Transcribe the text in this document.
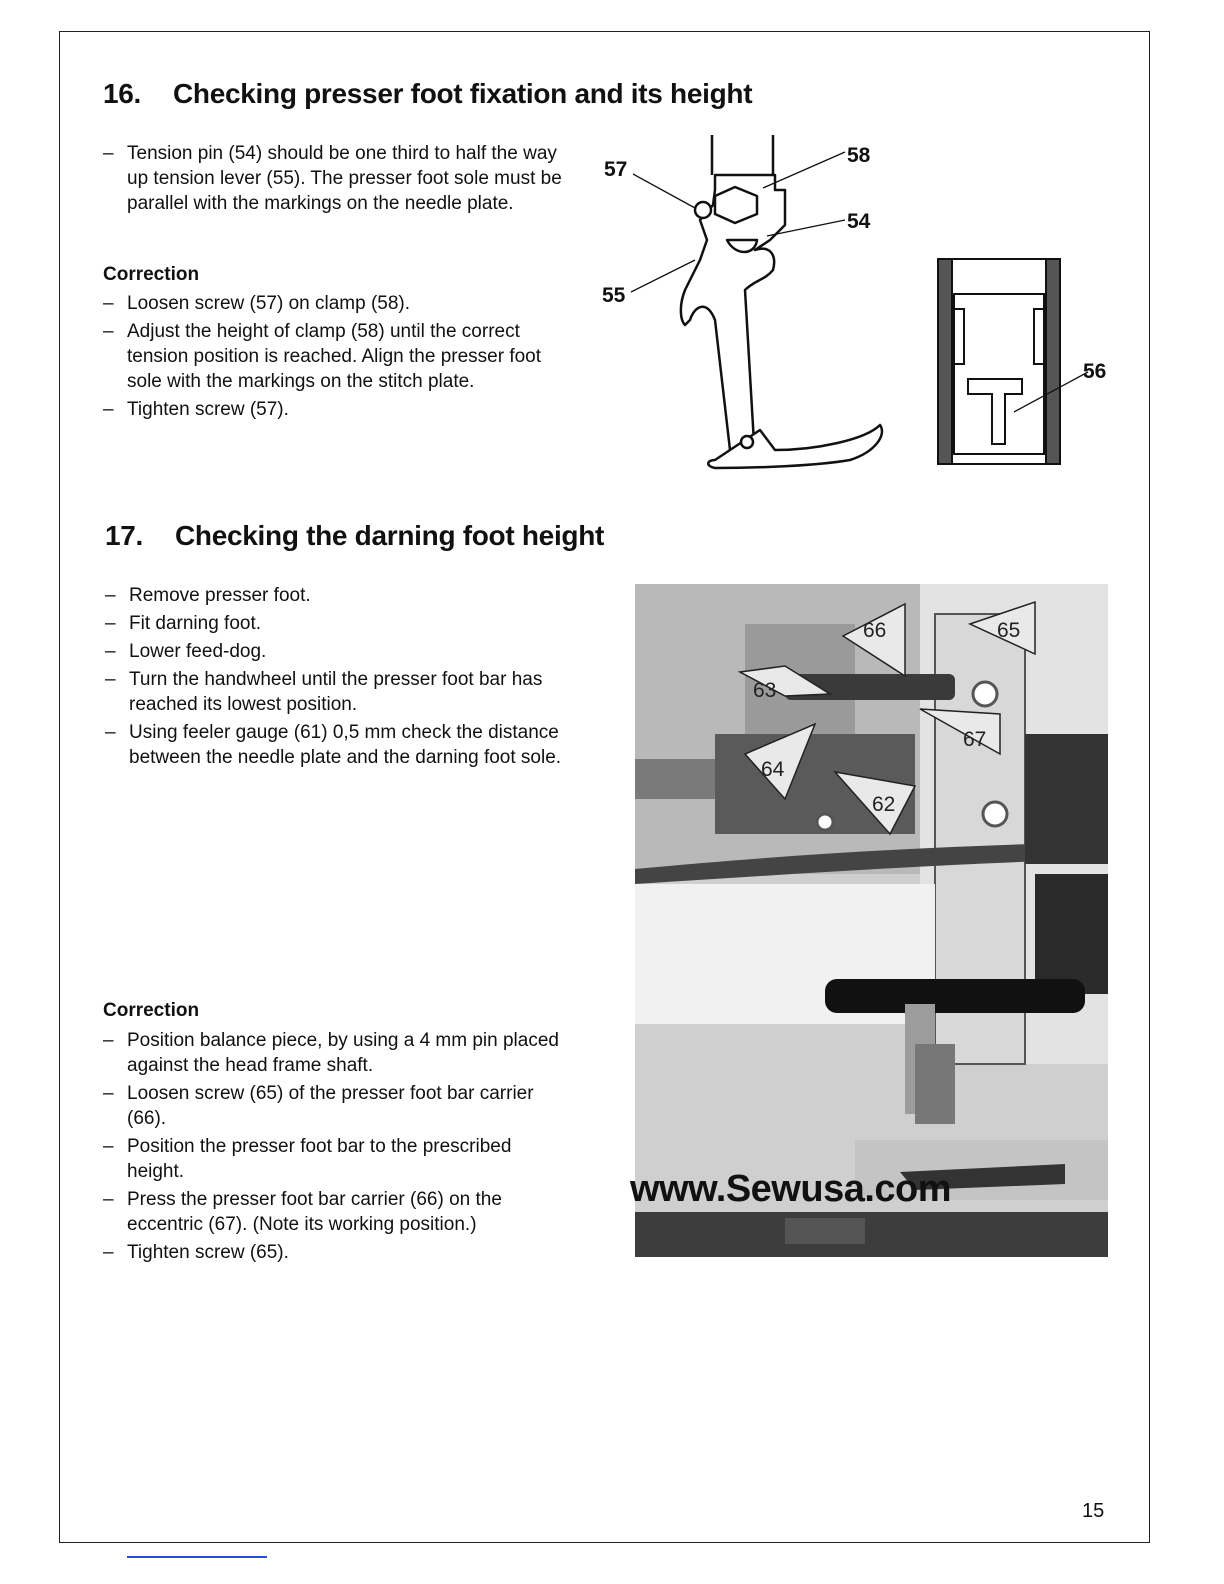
16. Checking presser foot fixation and its height
– Tension pin (54) should be one third to half the way up tension lever (55). The presser foot sole must be parallel with the markings on the needle plate.

Correction

– Loosen screw (57) on clamp (58).
– Adjust the height of clamp (58) until the correct tension position is reached. Align the presser foot sole with the markings on the stitch plate.
– Tighten screw (57).
57
58
54
55
56
17. Checking the darning foot height
– Remove presser foot.
– Fit darning foot.
– Lower feed-dog.
– Turn the handwheel until the presser foot bar has reached its lowest position.
– Using feeler gauge (61) 0,5 mm check the distance between the needle plate and the darning foot sole.

Correction

– Position balance piece, by using a 4 mm pin placed against the head frame shaft.
– Loosen screw (65) of the presser foot bar carrier (66).
– Position the presser foot bar to the prescribed height.
– Press the presser foot bar carrier (66) on the eccentric (67). (Note its working position.)
– Tighten screw (65).
66	65
63
67
64
62
www.Sewusa.com
15
